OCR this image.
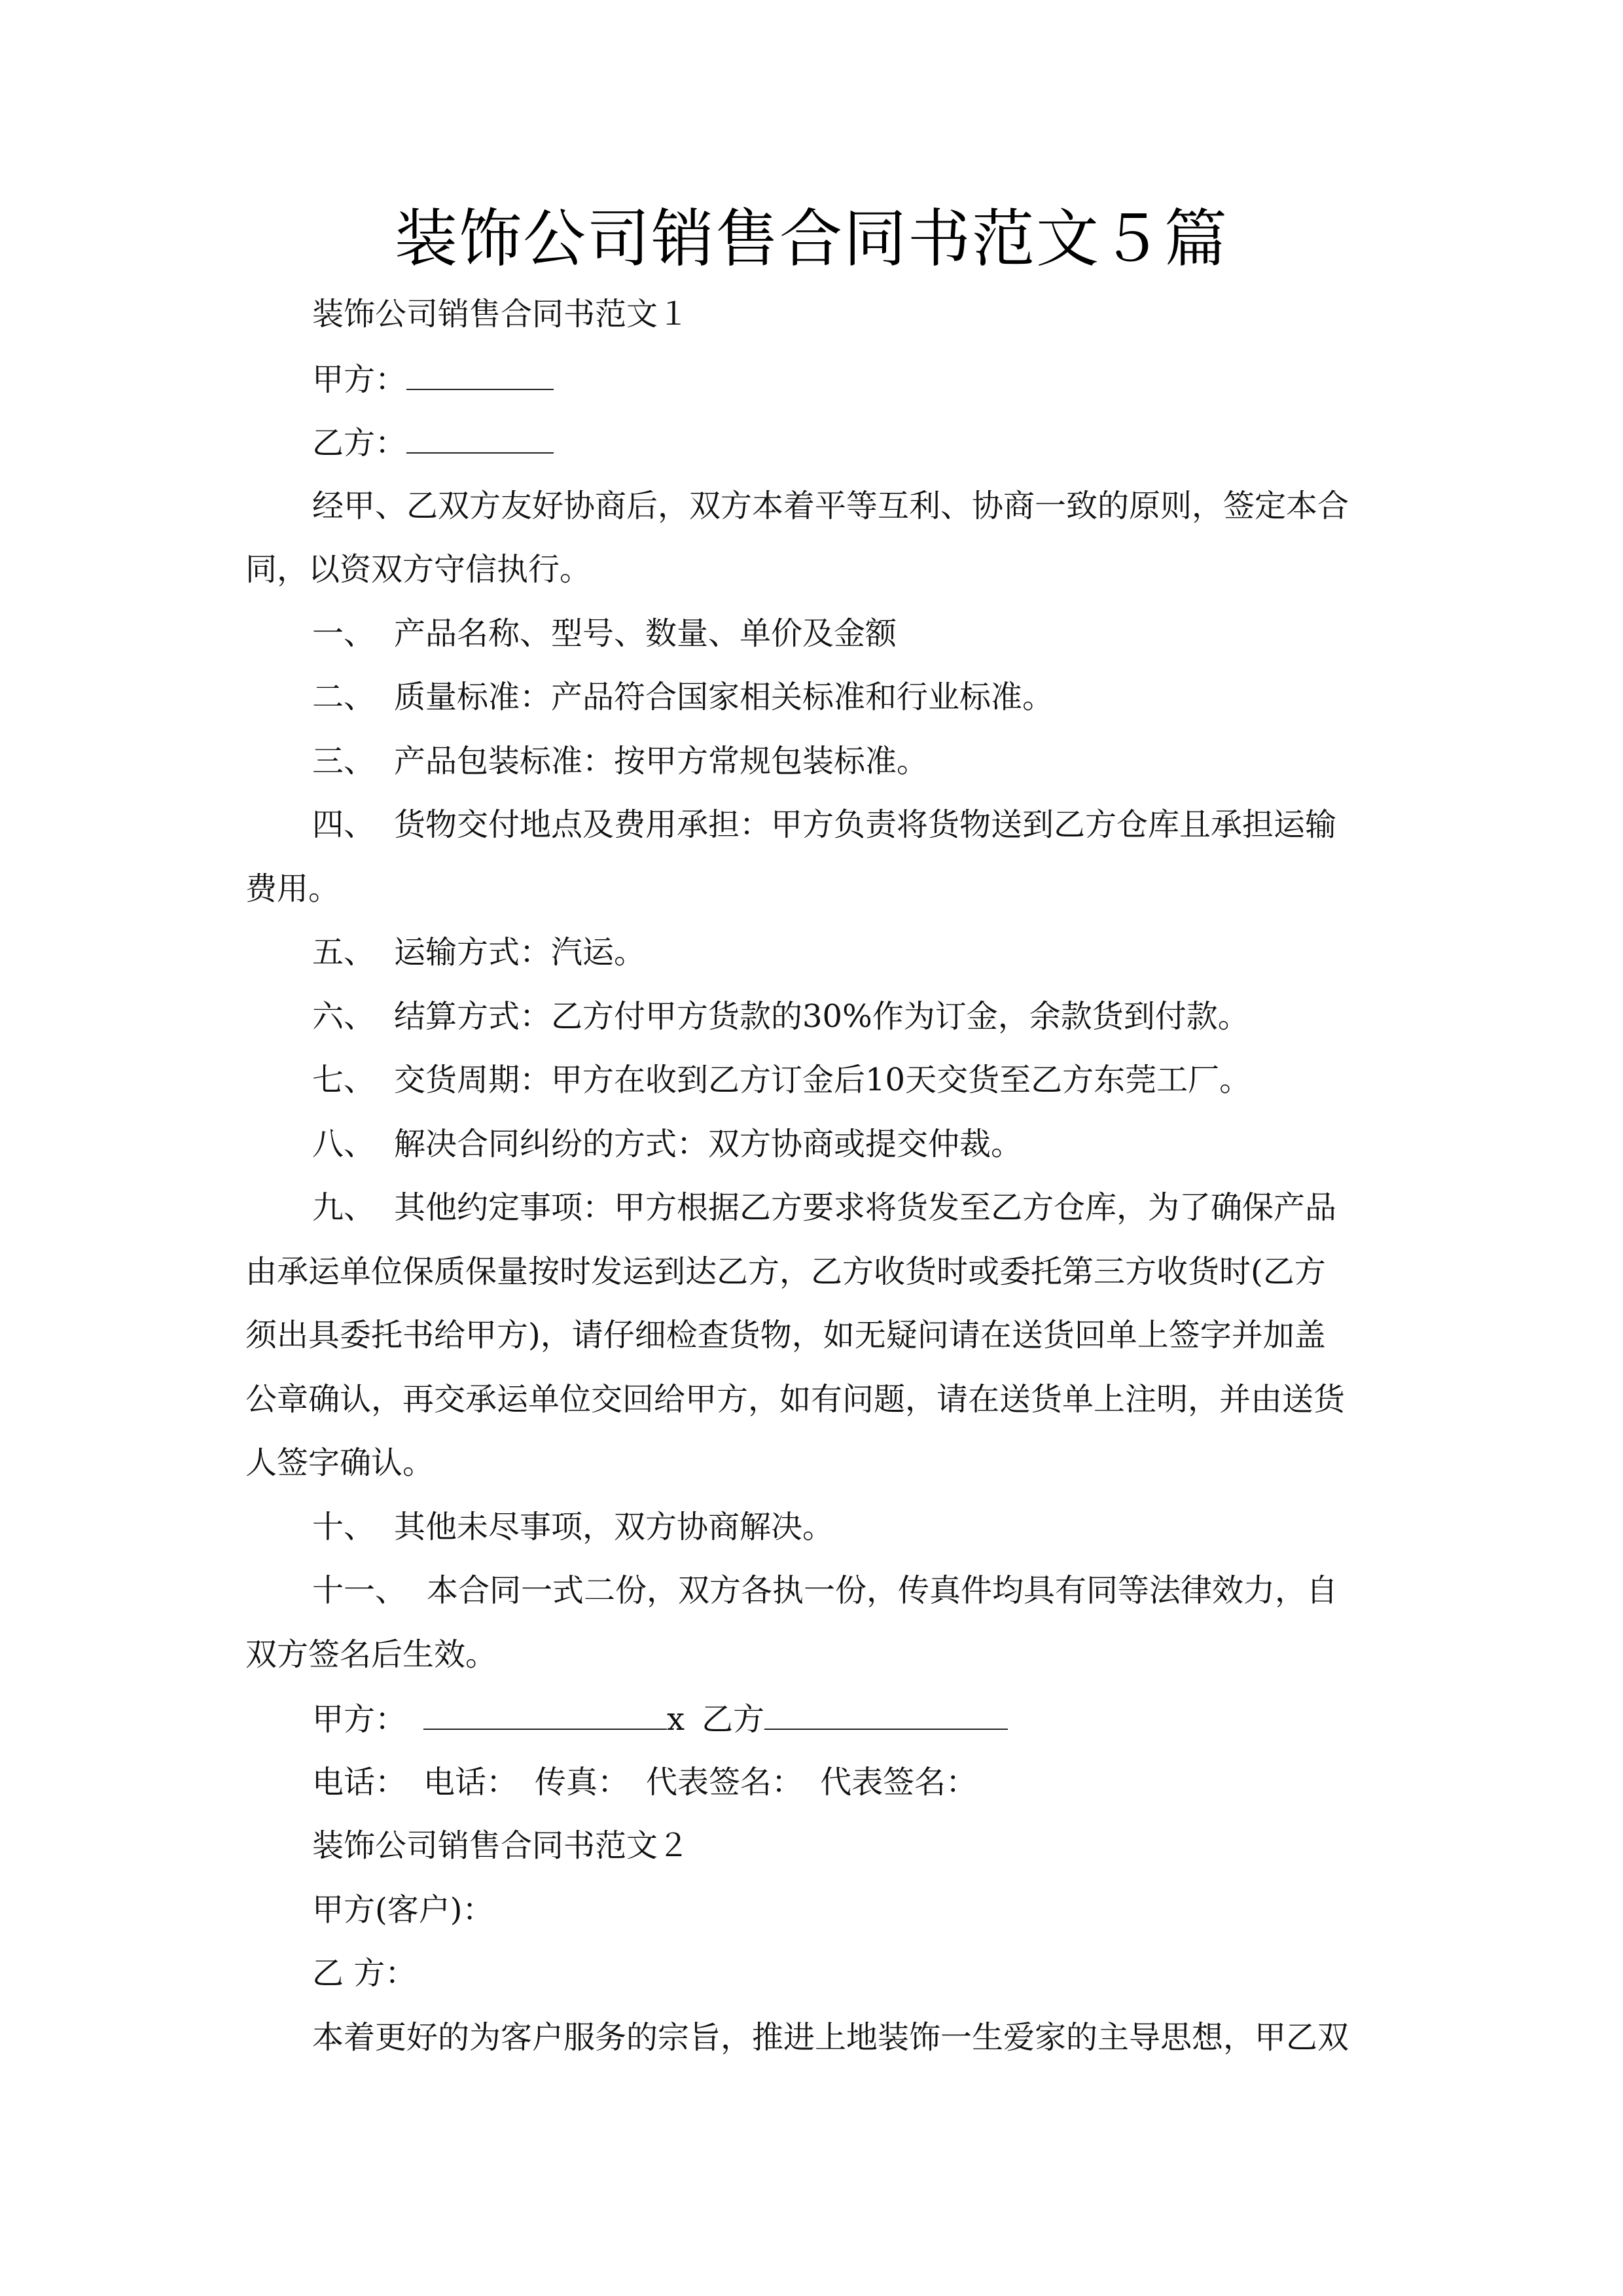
装饰公司销售合同书范文５篇
装饰公司销售合同书范文１
甲方：
乙方：
经甲、乙双方友好协商后，双方本着平等互利、协商一致的原则，签定本合
同，以资双方守信执行。
一、 产品名称、型号、数量、单价及金额
二、 质量标准：产品符合国家相关标准和行业标准。
三、 产品包装标准：按甲方常规包装标准。
四、 货物交付地点及费用承担：甲方负责将货物送到乙方仓库且承担运输
费用。
五、 运输方式：汽运。
六、 结算方式：乙方付甲方货款的30%作为订金，余款货到付款。
七、 交货周期：甲方在收到乙方订金后10天交货至乙方东莞工厂。
八、 解决合同纠纷的方式：双方协商或提交仲裁。
九、 其他约定事项：甲方根据乙方要求将货发至乙方仓库，为了确保产品
由承运单位保质保量按时发运到达乙方，乙方收货时或委托第三方收货时(乙方
须出具委托书给甲方)，请仔细检查货物，如无疑问请在送货回单上签字并加盖
公章确认，再交承运单位交回给甲方，如有问题，请在送货单上注明，并由送货
人签字确认。
十、 其他未尽事项，双方协商解决。
十一、 本合同一式二份，双方各执一份，传真件均具有同等法律效力，自
双方签名后生效。
甲方：	x 乙方
电话： 电话： 传真： 代表签名： 代表签名：
装饰公司销售合同书范文２
甲方(客户)：
乙 方：
本着更好的为客户服务的宗旨，推进上地装饰一生爱家的主导思想，甲乙双
